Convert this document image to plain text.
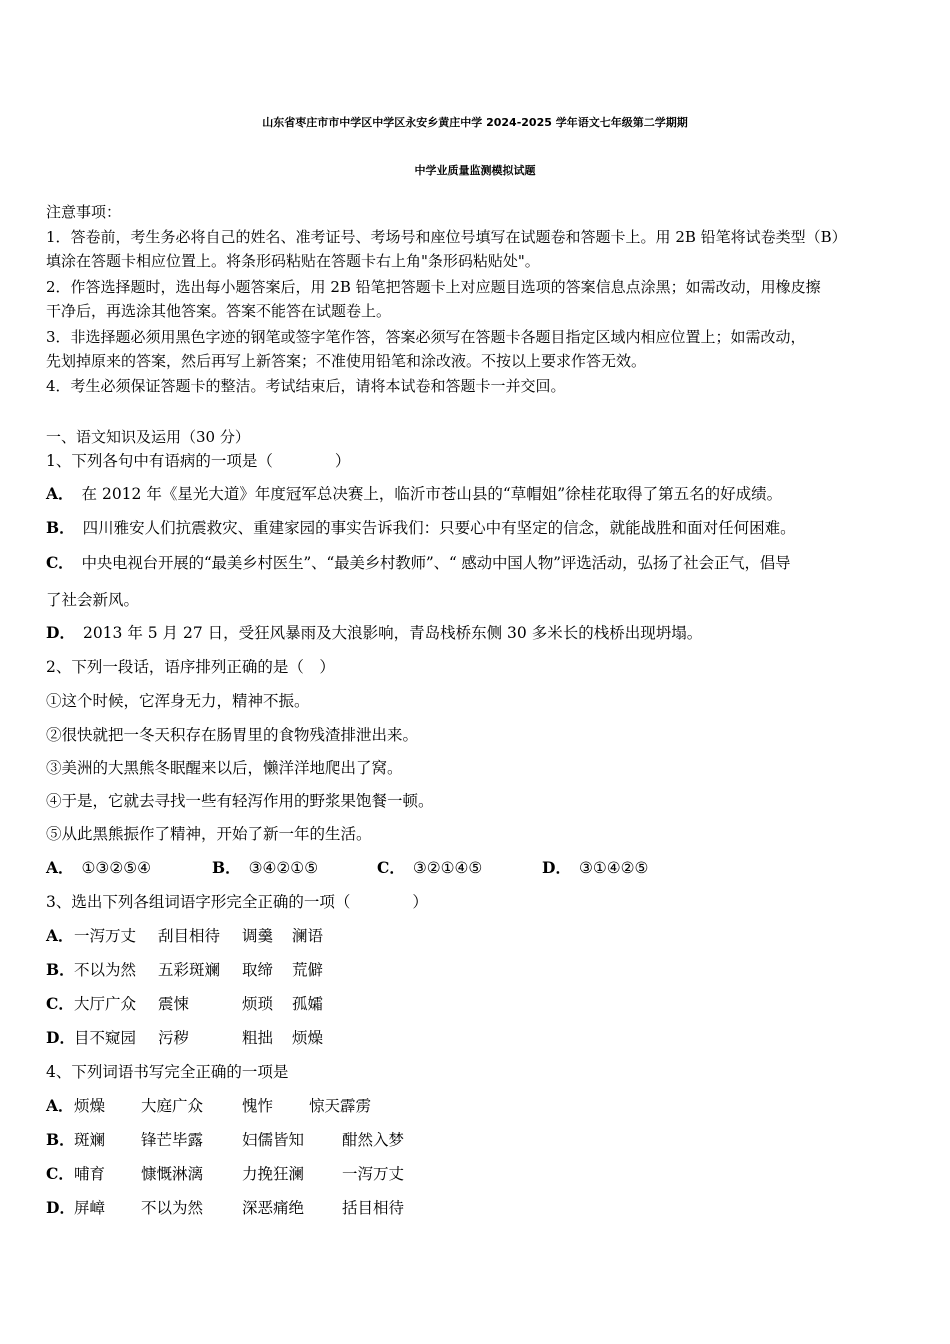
山东省枣庄市市中学区中学区永安乡黄庄中学 2024-2025 学年语文七年级第二学期期
中学业质量监测模拟试题
注意事项：
1．答卷前，考生务必将自己的姓名、准考证号、考场号和座位号填写在试题卷和答题卡上。用 2B 铅笔将试卷类型（B）
填涂在答题卡相应位置上。将条形码粘贴在答题卡右上角"条形码粘贴处"。
2．作答选择题时，选出每小题答案后，用 2B 铅笔把答题卡上对应题目选项的答案信息点涂黑；如需改动，用橡皮擦
干净后，再选涂其他答案。答案不能答在试题卷上。
3．非选择题必须用黑色字迹的钢笔或签字笔作答，答案必须写在答题卡各题目指定区域内相应位置上；如需改动，
先划掉原来的答案，然后再写上新答案；不准使用铅笔和涂改液。不按以上要求作答无效。
4．考生必须保证答题卡的整洁。考试结束后，请将本试卷和答题卡一并交回。
一、语文知识及运用（30 分）
1、下列各句中有语病的一项是（　　　　）
A． 在 2012 年《星光大道》年度冠军总决赛上，临沂市苍山县的“草帽姐”徐桂花取得了第五名的好成绩。
B． 四川雅安人们抗震救灾、重建家园的事实告诉我们：只要心中有坚定的信念，就能战胜和面对任何困难。
C． 中央电视台开展的“最美乡村医生”、“最美乡村教师”、“ 感动中国人物”评选活动，弘扬了社会正气，倡导
了社会新风。
D． 2013 年 5 月 27 日，受狂风暴雨及大浪影响，青岛栈桥东侧 30 多米长的栈桥出现坍塌。
2、下列一段话，语序排列正确的是（　）
①这个时候，它浑身无力，精神不振。
②很快就把一冬天积存在肠胃里的食物残渣排泄出来。
③美洲的大黑熊冬眠醒来以后，懒洋洋地爬出了窝。
④于是，它就去寻找一些有轻泻作用的野浆果饱餐一顿。
⑤从此黑熊振作了精神，开始了新一年的生活。
A． ①③②⑤④	B． ③④②①⑤	C． ③②①④⑤	D． ③①④②⑤
3、选出下列各组词语字形完全正确的一项（　　　　）
A． 一泻万丈 刮目相待 调羹 澜语
B． 不以为然 五彩斑斓 取缔 荒僻
C． 大厅广众 震悚	烦琐 孤孀
D． 目不窥园 污秽	粗拙 烦燥
4、下列词语书写完全正确的一项是
A． 烦燥 大庭广众	愧怍 惊天霹雳
B． 斑斓 锋芒毕露	妇儒皆知 酣然入梦
C． 哺育 慷慨淋漓	力挽狂澜 一泻万丈
D． 屏嶂 不以为然	深恶痛绝 括目相待
